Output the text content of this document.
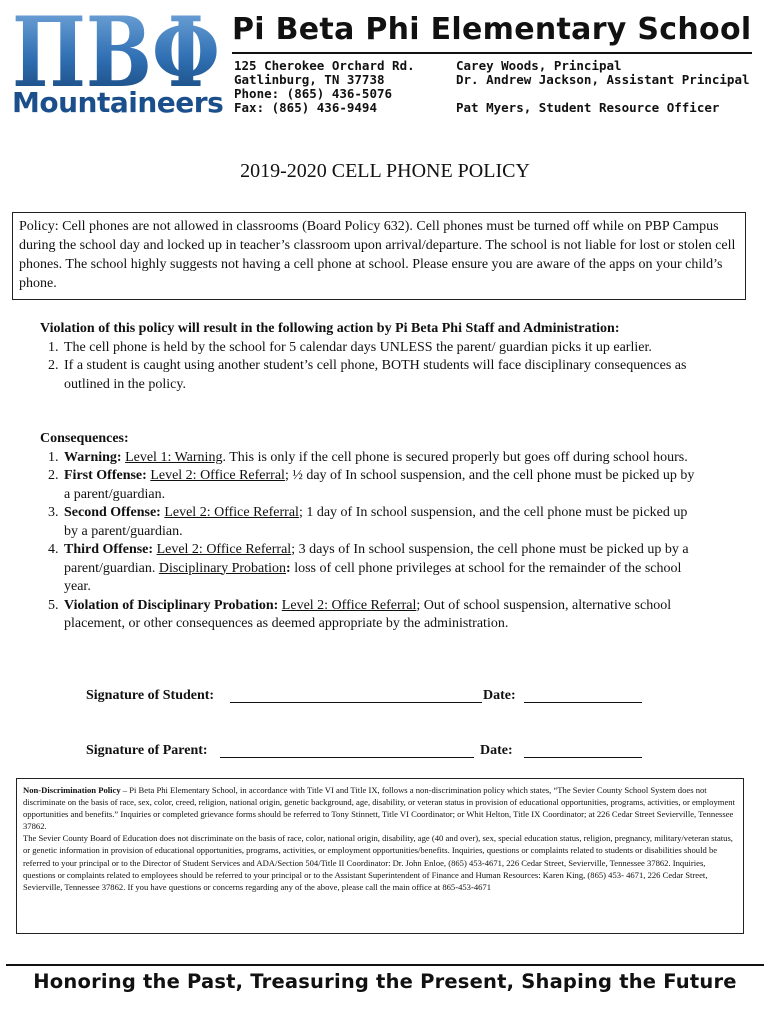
ΠΒΦ
Mountaineers
Pi Beta Phi Elementary School
125 Cherokee Orchard Rd.
Gatlinburg, TN 37738
Phone: (865) 436-5076
Fax: (865) 436-9494
Carey Woods, Principal
Dr. Andrew Jackson, Assistant Principal
Pat Myers, Student Resource Officer
2019-2020 CELL PHONE POLICY
Policy: Cell phones are not allowed in classrooms (Board Policy 632). Cell phones must be turned off while on PBP Campus during the school day and locked up in teacher’s classroom upon arrival/departure. The school is not liable for lost or stolen cell phones. The school highly suggests not having a cell phone at school. Please ensure you are aware of the apps on your child’s phone.
Violation of this policy will result in the following action by Pi Beta Phi Staff and Administration:
1. The cell phone is held by the school for 5 calendar days UNLESS the parent/ guardian picks it up earlier.
2. If a student is caught using another student’s cell phone, BOTH students will face disciplinary consequences as outlined in the policy.
Consequences:
1. Warning: Level 1: Warning. This is only if the cell phone is secured properly but goes off during school hours.
2. First Offense: Level 2: Office Referral; ½ day of In school suspension, and the cell phone must be picked up by a parent/guardian.
3. Second Offense: Level 2: Office Referral; 1 day of In school suspension, and the cell phone must be picked up by a parent/guardian.
4. Third Offense: Level 2: Office Referral; 3 days of In school suspension, the cell phone must be picked up by a parent/guardian. Disciplinary Probation: loss of cell phone privileges at school for the remainder of the school year.
5. Violation of Disciplinary Probation: Level 2: Office Referral; Out of school suspension, alternative school placement, or other consequences as deemed appropriate by the administration.
Signature of Student:	Date:
Signature of Parent:	Date:

Non-Discrimination Policy – Pi Beta Phi Elementary School, in accordance with Title VI and Title IX, follows a non-discrimination policy which states, “The Sevier County School System does not discriminate on the basis of race, sex, color, creed, religion, national origin, genetic background, age, disability, or veteran status in provision of educational opportunities, programs, activities, or employment opportunities and benefits.” Inquiries or completed grievance forms should be referred to Tony Stinnett, Title VI Coordinator; or Whit Helton, Title IX Coordinator; at 226 Cedar Street Sevierville, Tennessee 37862.

The Sevier County Board of Education does not discriminate on the basis of race, color, national origin, disability, age (40 and over), sex, special education status, religion, pregnancy, military/veteran status, or genetic information in provision of educational opportunities, programs, activities, or employment opportunities/benefits. Inquiries, questions or complaints related to students or disabilities should be referred to your principal or to the Director of Student Services and ADA/Section 504/Title II Coordinator: Dr. John Enloe, (865) 453-4671, 226 Cedar Street, Sevierville, Tennessee 37862. Inquiries, questions or complaints related to employees should be referred to your principal or to the Assistant Superintendent of Finance and Human Resources: Karen King, (865) 453- 4671, 226 Cedar Street, Sevierville, Tennessee 37862. If you have questions or concerns regarding any of the above, please call the main office at 865-453-4671

Honoring the Past, Treasuring the Present, Shaping the Future
